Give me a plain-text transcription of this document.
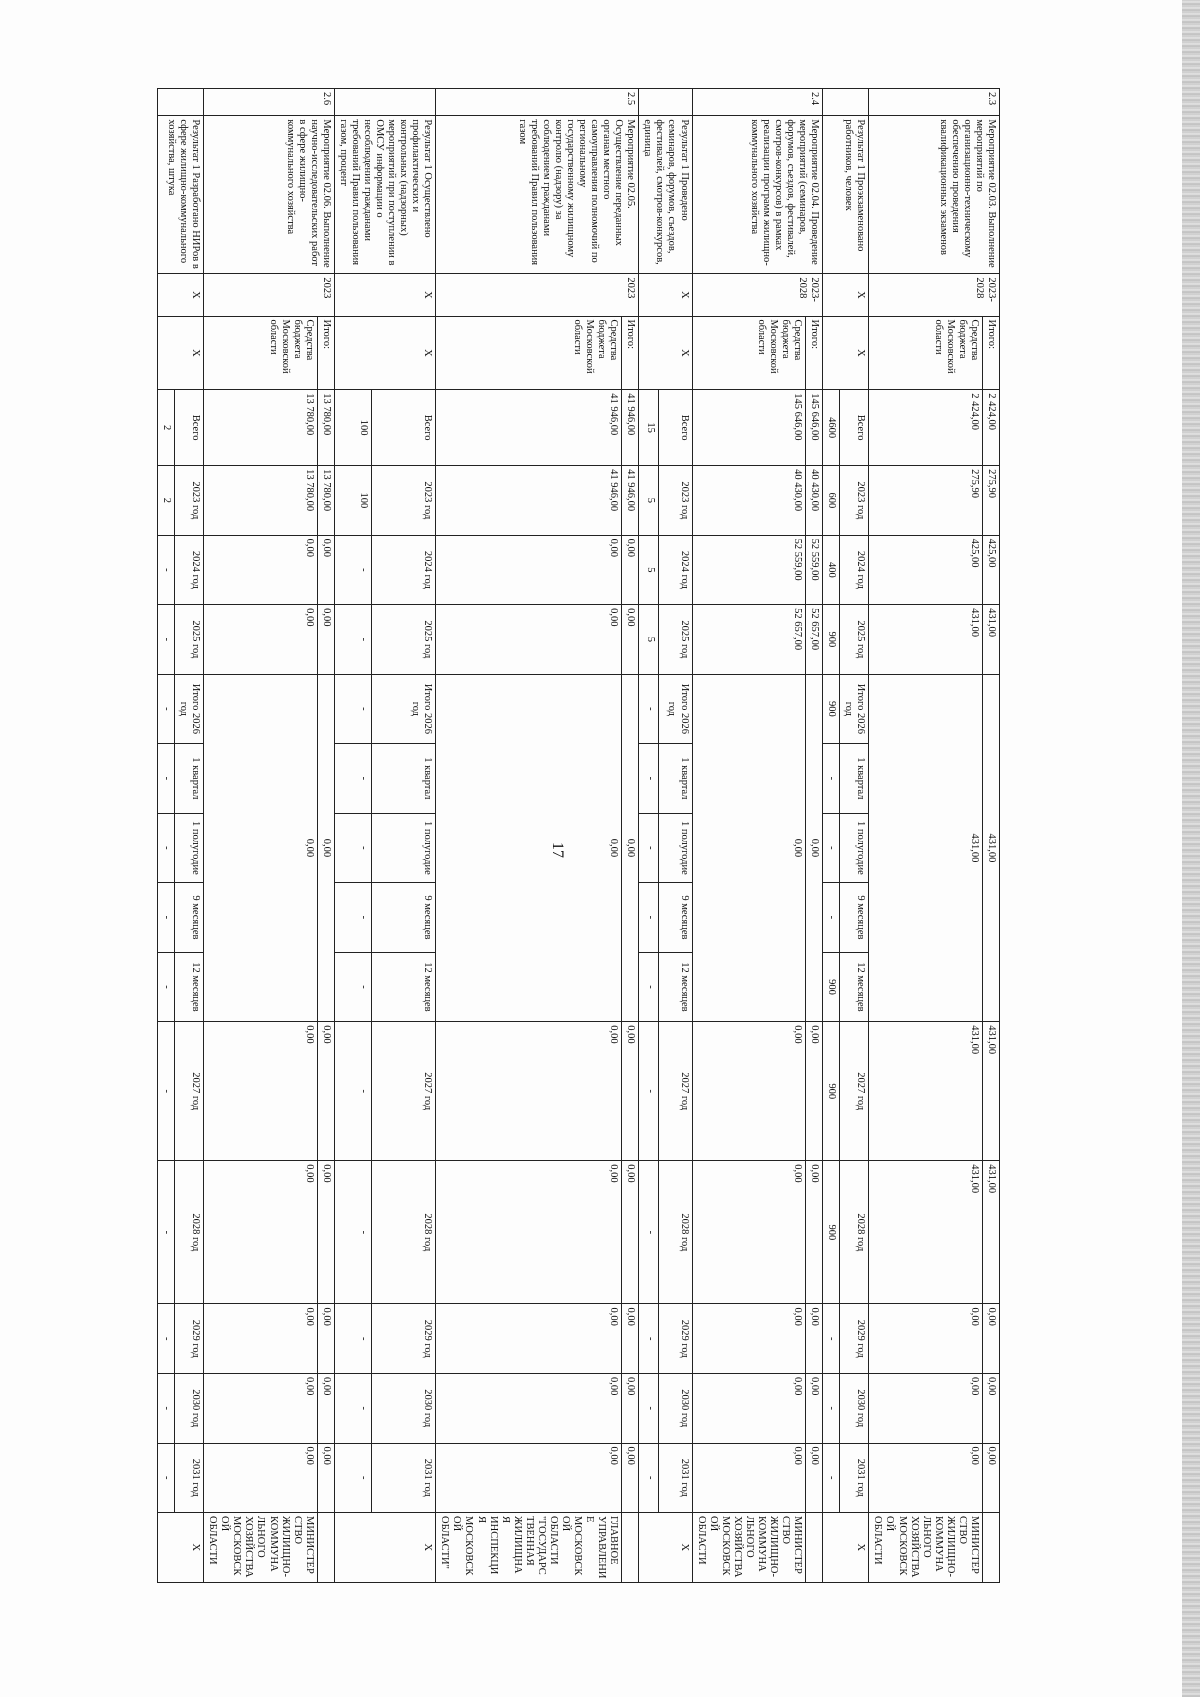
2.3	Мероприятие 02.03. Выполнение мероприятий по организационно-техническому обеспечению проведения квалификационных экзаменов	2023-2028	Итого:	2 424,00	275,90	425,00	431,00	431,00					431,00	431,00	0,00	0,00	0,00	
			Средства бюджета Московской области	2 424,00	275,90	425,00	431,00	431,00					431,00	431,00	0,00	0,00	0,00	МИНИСТЕРСТВО ЖИЛИЩНО-КОММУНАЛЬНОГО ХОЗЯЙСТВА МОСКОВСКОЙ ОБЛАСТИ
	Результат 1 Проэкзаменовано работников, человек	Х	Х	Всего	2023 год	2024 год	2025 год	Итого 2026 год	1 квартал	1 полугодие	9 месяцев	12 месяцев	2027 год	2028 год	2029 год	2030 год	2031 год	Х
				4600	600	400	900	900	-	-	-	900	900	900	-	-	-	
2.4	Мероприятие 02.04. Проведение мероприятий (семинаров, форумов, съездов, фестивалей, смотров-конкурсов) в рамках реализации программ жилищно-коммунального хозяйства	2023-2028	Итого:	145 646,00	40 430,00	52 559,00	52 657,00	0,00					0,00	0,00	0,00	0,00	0,00	
			Средства бюджета Московской области	145 646,00	40 430,00	52 559,00	52 657,00	0,00					0,00	0,00	0,00	0,00	0,00	МИНИСТЕРСТВО ЖИЛИЩНО-КОММУНАЛЬНОГО ХОЗЯЙСТВА МОСКОВСКОЙ ОБЛАСТИ
	Результат 1 Проведено семинаров, форумов, съездов, фестивалей, смотров-конкурсов, единица	Х	Х	Всего	2023 год	2024 год	2025 год	Итого 2026 год	1 квартал	1 полугодие	9 месяцев	12 месяцев	2027 год	2028 год	2029 год	2030 год	2031 год	Х
				15	5	5	5	-	-	-	-	-	-	-	-	-	-	
2.5	Мероприятие 02.05. Осуществление переданных органам местного самоуправления полномочий по региональному государственному жилищному контролю (надзору) за соблюдением гражданами требований Правил пользования газом	2023	Итого:	41 946,00	41 946,00	0,00	0,00	0,00					0,00	0,00	0,00	0,00	0,00	
			Средства бюджета Московской области	41 946,00	41 946,00	0,00	0,00	0,00					0,00	0,00	0,00	0,00	0,00	ГЛАВНОЕ УПРАВЛЕНИЕ МОСКОВСКОЙ ОБЛАСТИ "ГОСУДАРСТВЕННАЯ ЖИЛИЩНАЯ ИНСПЕКЦИЯ МОСКОВСКОЙ ОБЛАСТИ"
	Результат 1 Осуществлено профилактических и контрольных (надзорных) мероприятий при поступлении в ОМСУ информации о несоблюдении гражданами требований Правил пользования газом, процент	Х	Х	Всего	2023 год	2024 год	2025 год	Итого 2026 год	1 квартал	1 полугодие	9 месяцев	12 месяцев	2027 год	2028 год	2029 год	2030 год	2031 год	Х
				100	100	-	-	-	-	-	-	-	-	-	-	-	-	
2.6	Мероприятие 02.06. Выполнение научно-исследовательских работ в сфере жилищно-коммунального хозяйства	2023	Итого:	13 780,00	13 780,00	0,00	0,00	0,00					0,00	0,00	0,00	0,00	0,00	
			Средства бюджета Московской области	13 780,00	13 780,00	0,00	0,00	0,00					0,00	0,00	0,00	0,00	0,00	МИНИСТЕРСТВО ЖИЛИЩНО-КОММУНАЛЬНОГО ХОЗЯЙСТВА МОСКОВСКОЙ ОБЛАСТИ
	Результат 1 Разработано НИРов в сфере жилищно-коммунального хозяйства, штука	Х	Х	Всего	2023 год	2024 год	2025 год	Итого 2026 год	1 квартал	1 полугодие	9 месяцев	12 месяцев	2027 год	2028 год	2029 год	2030 год	2031 год	Х
				2	2	-	-	-	-	-	-	-	-	-	-	-	-	
17
